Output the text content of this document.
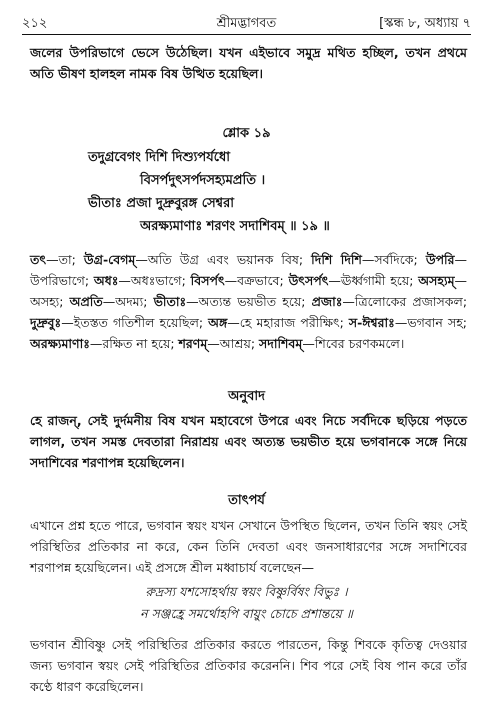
২১২	শ্রীমদ্ভাগবত	[স্কন্ধ ৮, অধ্যায় ৭

জলের উপরিভাগে ভেসে উঠেছিল। যখন এইভাবে সমুদ্র মথিত হচ্ছিল, তখন প্রথমে অতি ভীষণ হালহল নামক বিষ উত্থিত হয়েছিল।

শ্লোক ১৯
তদুগ্রবেগং দিশি দিশ্যুপর্যধো
বিসর্পদুৎসর্পদসহ্যমপ্রতি ।
ভীতাঃ প্রজা দুদ্রুবুরঙ্গ সেশ্বরা
অরক্ষ্যমাণাঃ শরণং সদাশিবম্ ॥ ১৯ ॥

তৎ—তা; উগ্র-বেগম্—অতি উগ্র এবং ভয়ানক বিষ; দিশি দিশি—সর্বদিকে; উপরি—উপরিভাগে; অধঃ—অধঃভাগে; বিসর্পৎ—বক্রভাবে; উৎসর্পৎ—ঊর্ধ্বগামী হয়ে; অসহ্যম্—অসহ্য; অপ্রতি—অদম্য; ভীতাঃ—অত্যন্ত ভয়ভীত হয়ে; প্রজাঃ—ত্রিলোকের প্রজাসকল; দুদ্রুবুঃ—ইতস্তত গতিশীল হয়েছিল; অঙ্গ—হে মহারাজ পরীক্ষিৎ; স-ঈশ্বরাঃ—ভগবান সহ; অরক্ষ্যমাণাঃ—রক্ষিত না হয়ে; শরণম্—আশ্রয়; সদাশিবম্—শিবের চরণকমলে।

অনুবাদ

হে রাজন্, সেই দুর্দমনীয় বিষ যখন মহাবেগে উপরে এবং নিচে সর্বদিকে ছড়িয়ে পড়তে লাগল, তখন সমস্ত দেবতারা নিরাশ্রয় এবং অত্যন্ত ভয়ভীত হয়ে ভগবানকে সঙ্গে নিয়ে সদাশিবের শরণাপন্ন হয়েছিলেন।

তাৎপর্য

এখানে প্রশ্ন হতে পারে, ভগবান স্বয়ং যখন সেখানে উপস্থিত ছিলেন, তখন তিনি স্বয়ং সেই পরিস্থিতির প্রতিকার না করে, কেন তিনি দেবতা এবং জনসাধারণের সঙ্গে সদাশিবের শরণাপন্ন হয়েছিলেন। এই প্রসঙ্গে শ্রীল মধ্বাচার্য বলেছেন—

রুদ্রস্য যশসোহর্থায় স্বয়ং বিষ্ণুর্বিষং বিভুঃ ।
ন সঞ্জহ্রে সমর্থোহপি বায়ুং চোচে প্রশান্তয়ে ॥

ভগবান শ্রীবিষ্ণু সেই পরিস্থিতির প্রতিকার করতে পারতেন, কিন্তু শিবকে কৃতিত্ব দেওয়ার জন্য ভগবান স্বয়ং সেই পরিস্থিতির প্রতিকার করেননি। শিব পরে সেই বিষ পান করে তাঁর কণ্ঠে ধারণ করেছিলেন।
